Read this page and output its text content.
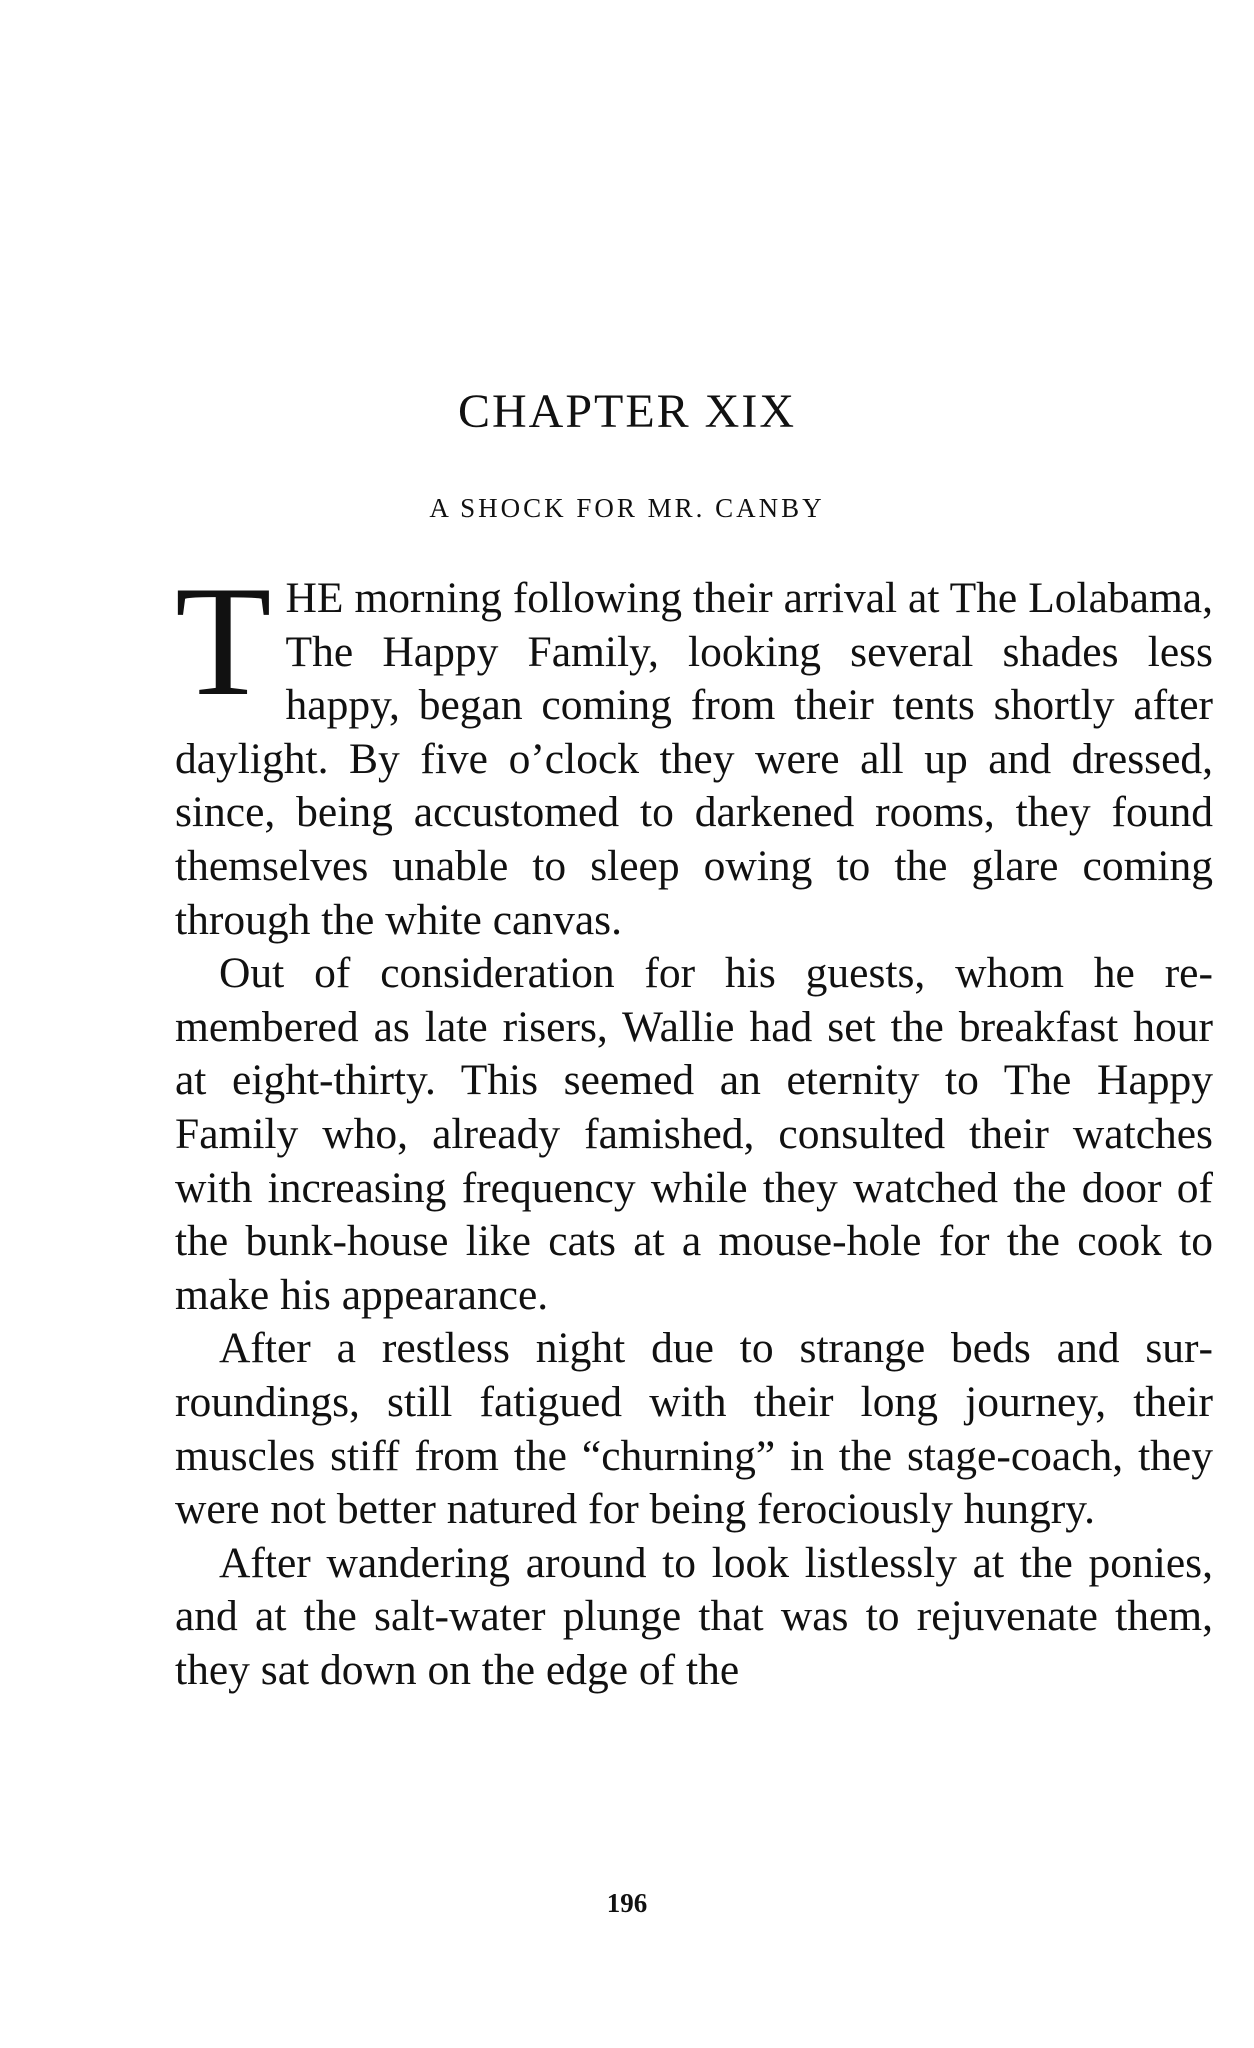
CHAPTER XIX
A SHOCK FOR MR. CANBY

THE morning following their arrival at The Lolabama, The Happy Family, looking several shades less happy, began coming from their tents shortly after daylight. By five o’clock they were all up and dressed, since, being accustomed to darkened rooms, they found themselves unable to sleep owing to the glare coming through the white canvas.

Out of consideration for his guests, whom he remembered as late risers, Wallie had set the breakfast hour at eight-thirty. This seemed an eternity to The Happy Family who, already famished, consulted their watches with increasing frequency while they watched the door of the bunk-house like cats at a mouse-hole for the cook to make his appearance.

After a restless night due to strange beds and surroundings, still fatigued with their long journey, their muscles stiff from the “churning” in the stage-coach, they were not better natured for being ferociously hungry.

After wandering around to look listlessly at the ponies, and at the salt-water plunge that was to rejuvenate them, they sat down on the edge of the

196
